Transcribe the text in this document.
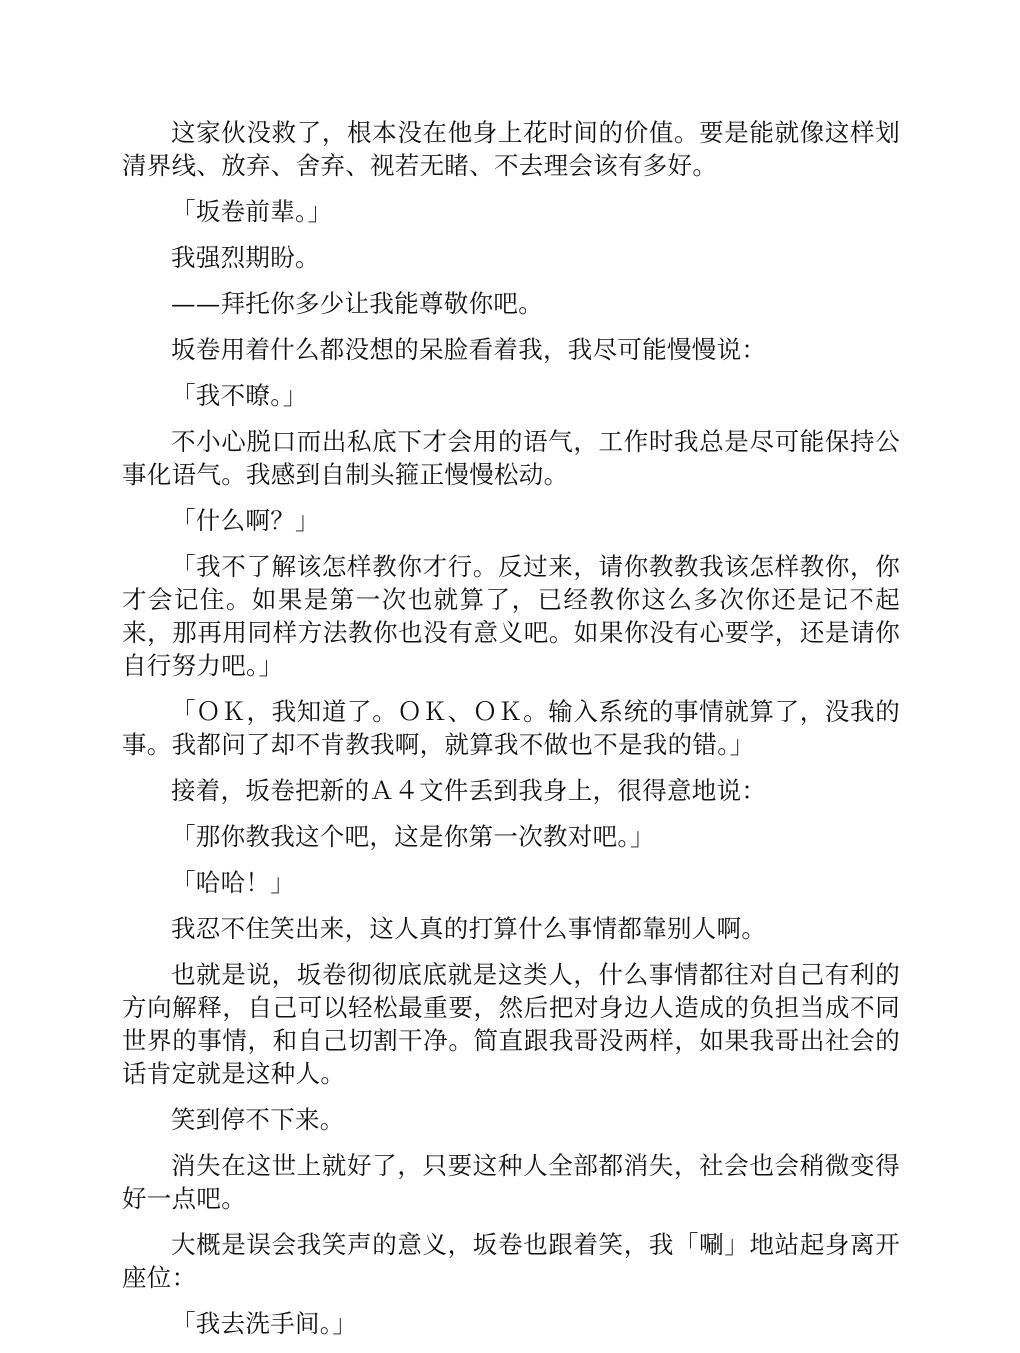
这家伙没救了，根本没在他身上花时间的价值。要是能就像这样划清界线、放弃、舍弃、视若无睹、不去理会该有多好。

「坂卷前辈。」

我强烈期盼。

——拜托你多少让我能尊敬你吧。

坂卷用着什么都没想的呆脸看着我，我尽可能慢慢说：

「我不暸。」

不小心脱口而出私底下才会用的语气，工作时我总是尽可能保持公事化语气。我感到自制头箍正慢慢松动。

「什么啊？」

「我不了解该怎样教你才行。反过来，请你教教我该怎样教你，你才会记住。如果是第一次也就算了，已经教你这么多次你还是记不起来，那再用同样方法教你也没有意义吧。如果你没有心要学，还是请你自行努力吧。」

「ＯＫ，我知道了。ＯＫ、ＯＫ。输入系统的事情就算了，没我的事。我都问了却不肯教我啊，就算我不做也不是我的错。」

接着，坂卷把新的Ａ４文件丢到我身上，很得意地说：

「那你教我这个吧，这是你第一次教对吧。」

「哈哈！」

我忍不住笑出来，这人真的打算什么事情都靠别人啊。

也就是说，坂卷彻彻底底就是这类人，什么事情都往对自己有利的方向解释，自己可以轻松最重要，然后把对身边人造成的负担当成不同世界的事情，和自己切割干净。简直跟我哥没两样，如果我哥出社会的话肯定就是这种人。

笑到停不下来。

消失在这世上就好了，只要这种人全部都消失，社会也会稍微变得好一点吧。

大概是误会我笑声的意义，坂卷也跟着笑，我「唰」地站起身离开座位：

「我去洗手间。」
